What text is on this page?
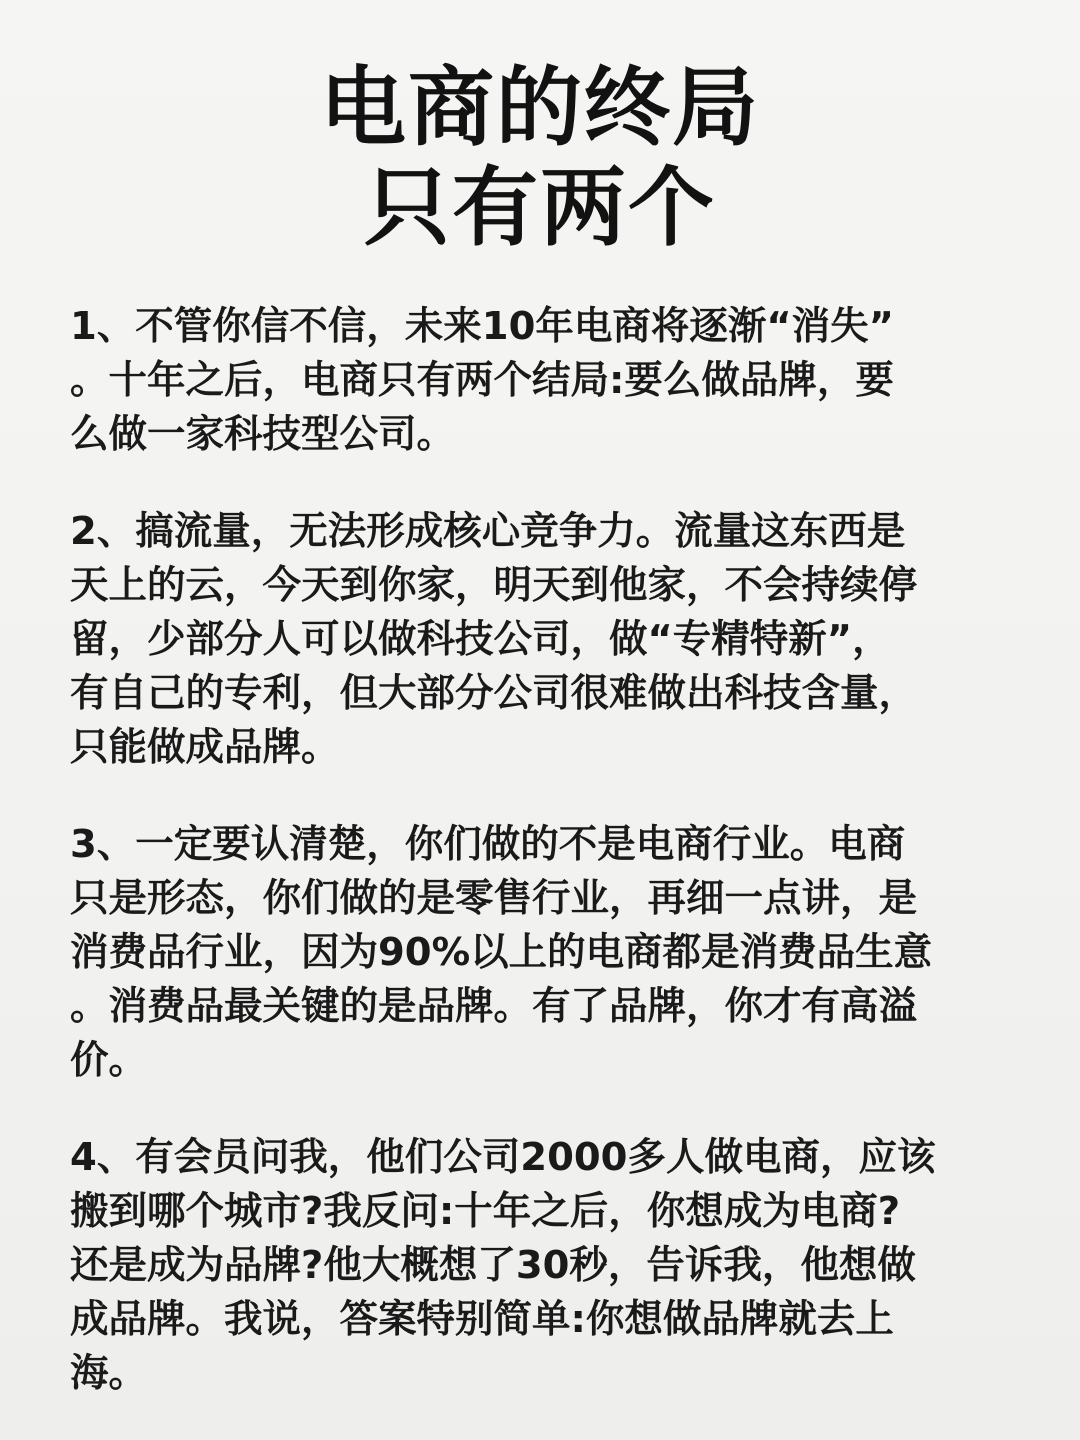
电商的终局
只有两个

1、不管你信不信，未来10年电商将逐渐“消失”
。十年之后，电商只有两个结局:要么做品牌，要
么做一家科技型公司。

2、搞流量，无法形成核心竞争力。流量这东西是
天上的云，今天到你家，明天到他家，不会持续停
留，少部分人可以做科技公司，做“专精特新”，
有自己的专利，但大部分公司很难做出科技含量，
只能做成品牌。

3、一定要认清楚，你们做的不是电商行业。电商
只是形态，你们做的是零售行业，再细一点讲，是
消费品行业，因为90%以上的电商都是消费品生意
。消费品最关键的是品牌。有了品牌，你才有高溢
价。

4、有会员问我，他们公司2000多人做电商，应该
搬到哪个城市?我反问:十年之后，你想成为电商?
还是成为品牌?他大概想了30秒，告诉我，他想做
成品牌。我说，答案特别简单:你想做品牌就去上
海。
